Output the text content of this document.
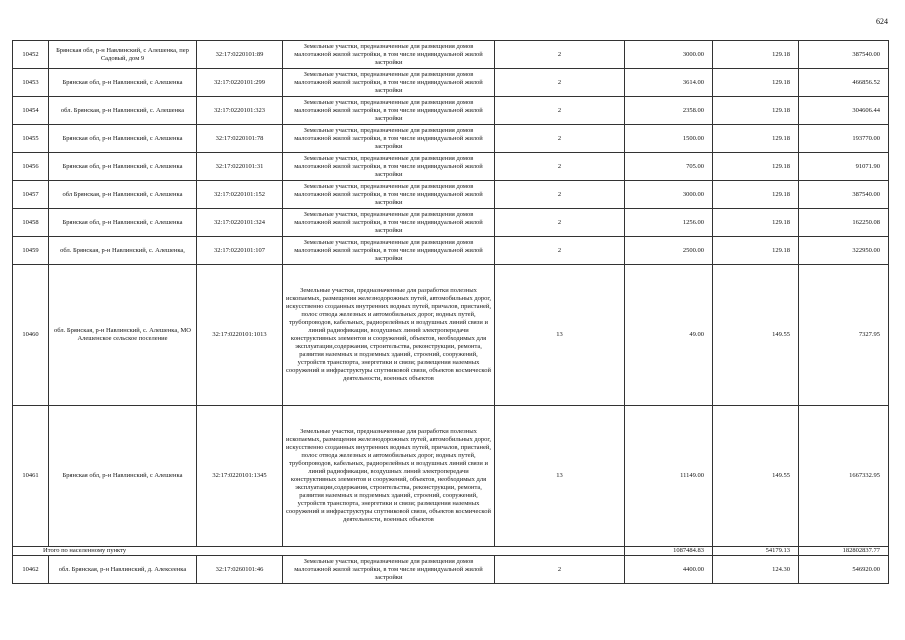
624
10452	Брянская обл, р-н Навлинский, с Алешенка, пер Садовый, дом 9	32:17:0220101:89	Земельные участки, предназначенные для размещения домов малоэтажной жилой застройки, в том числе индивидуальной жилой застройки	2	3000.00	129.18	387540.00
10453	Брянская обл, р-н Навлинский, с Алешенка	32:17:0220101:299	Земельные участки, предназначенные для размещения домов малоэтажной жилой застройки, в том числе индивидуальной жилой застройки	2	3614.00	129.18	466856.52
10454	обл. Брянская, р-н Навлинский, с. Алешенка	32:17:0220101:323	Земельные участки, предназначенные для размещения домов малоэтажной жилой застройки, в том числе индивидуальной жилой застройки	2	2358.00	129.18	304606.44
10455	Брянская обл, р-н Навлинский, с Алешенка	32:17:0220101:78	Земельные участки, предназначенные для размещения домов малоэтажной жилой застройки, в том числе индивидуальной жилой застройки	2	1500.00	129.18	193770.00
10456	Брянская обл, р-н Навлинский, с Алешенка	32:17:0220101:31	Земельные участки, предназначенные для размещения домов малоэтажной жилой застройки, в том числе индивидуальной жилой застройки	2	705.00	129.18	91071.90
10457	обл Брянская, р-н Навлинский, с Алешенка	32:17:0220101:152	Земельные участки, предназначенные для размещения домов малоэтажной жилой застройки, в том числе индивидуальной жилой застройки	2	3000.00	129.18	387540.00
10458	Брянская обл, р-н Навлинский, с Алешенка	32:17:0220101:324	Земельные участки, предназначенные для размещения домов малоэтажной жилой застройки, в том числе индивидуальной жилой застройки	2	1256.00	129.18	162250.08
10459	обл. Брянская, р-н Навлинский, с. Алешенка,	32:17:0220101:107	Земельные участки, предназначенные для размещения домов малоэтажной жилой застройки, в том числе индивидуальной жилой застройки	2	2500.00	129.18	322950.00
10460	обл. Брянская, р-н Навлинский, с. Алешенка, МО Алешенское сельское поселение	32:17:0220101:1013	Земельные участки, предназначенные для разработки полезных ископаемых, размещения железнодорожных путей, автомобильных дорог, искусственно созданных внутренних водных путей, причалов, пристаней, полос отвода железных и автомобильных дорог, водных путей, трубопроводов, кабельных, радиорелейных и воздушных линий связи и линий радиофикации, воздушных линий электропередачи конструктивных элементов и сооружений, объектов, необходимых для эксплуатации,содержания, строительства, реконструкции, ремонта, развития наземных и подземных зданий, строений, сооружений, устройств транспорта, энергетики и связи; размещения наземных сооружений и инфраструктуры спутниковой связи, объектов космической деятельности, военных объектов	13	49.00	149.55	7327.95
10461	Брянская обл, р-н Навлинский, с Алешенка	32:17:0220101:1345	Земельные участки, предназначенные для разработки полезных ископаемых, размещения железнодорожных путей, автомобильных дорог, искусственно созданных внутренних водных путей, причалов, пристаней, полос отвода железных и автомобильных дорог, водных путей, трубопроводов, кабельных, радиорелейных и воздушных линий связи и линий радиофикации, воздушных линий электропередачи конструктивных элементов и сооружений, объектов, необходимых для эксплуатации,содержания, строительства, реконструкции, ремонта, развития наземных и подземных зданий, строений, сооружений, устройств транспорта, энергетики и связи; размещения наземных сооружений и инфраструктуры спутниковой связи, объектов космической деятельности, военных объектов	13	11149.00	149.55	1667332.95
Итого по населенному пункту					1087484.83	54179.13	182802837.77
10462	обл. Брянская, р-н Навлинский, д. Алексеенка	32:17:0260101:46	Земельные участки, предназначенные для размещения домов малоэтажной жилой застройки, в том числе индивидуальной жилой застройки	2	4400.00	124.30	546920.00
